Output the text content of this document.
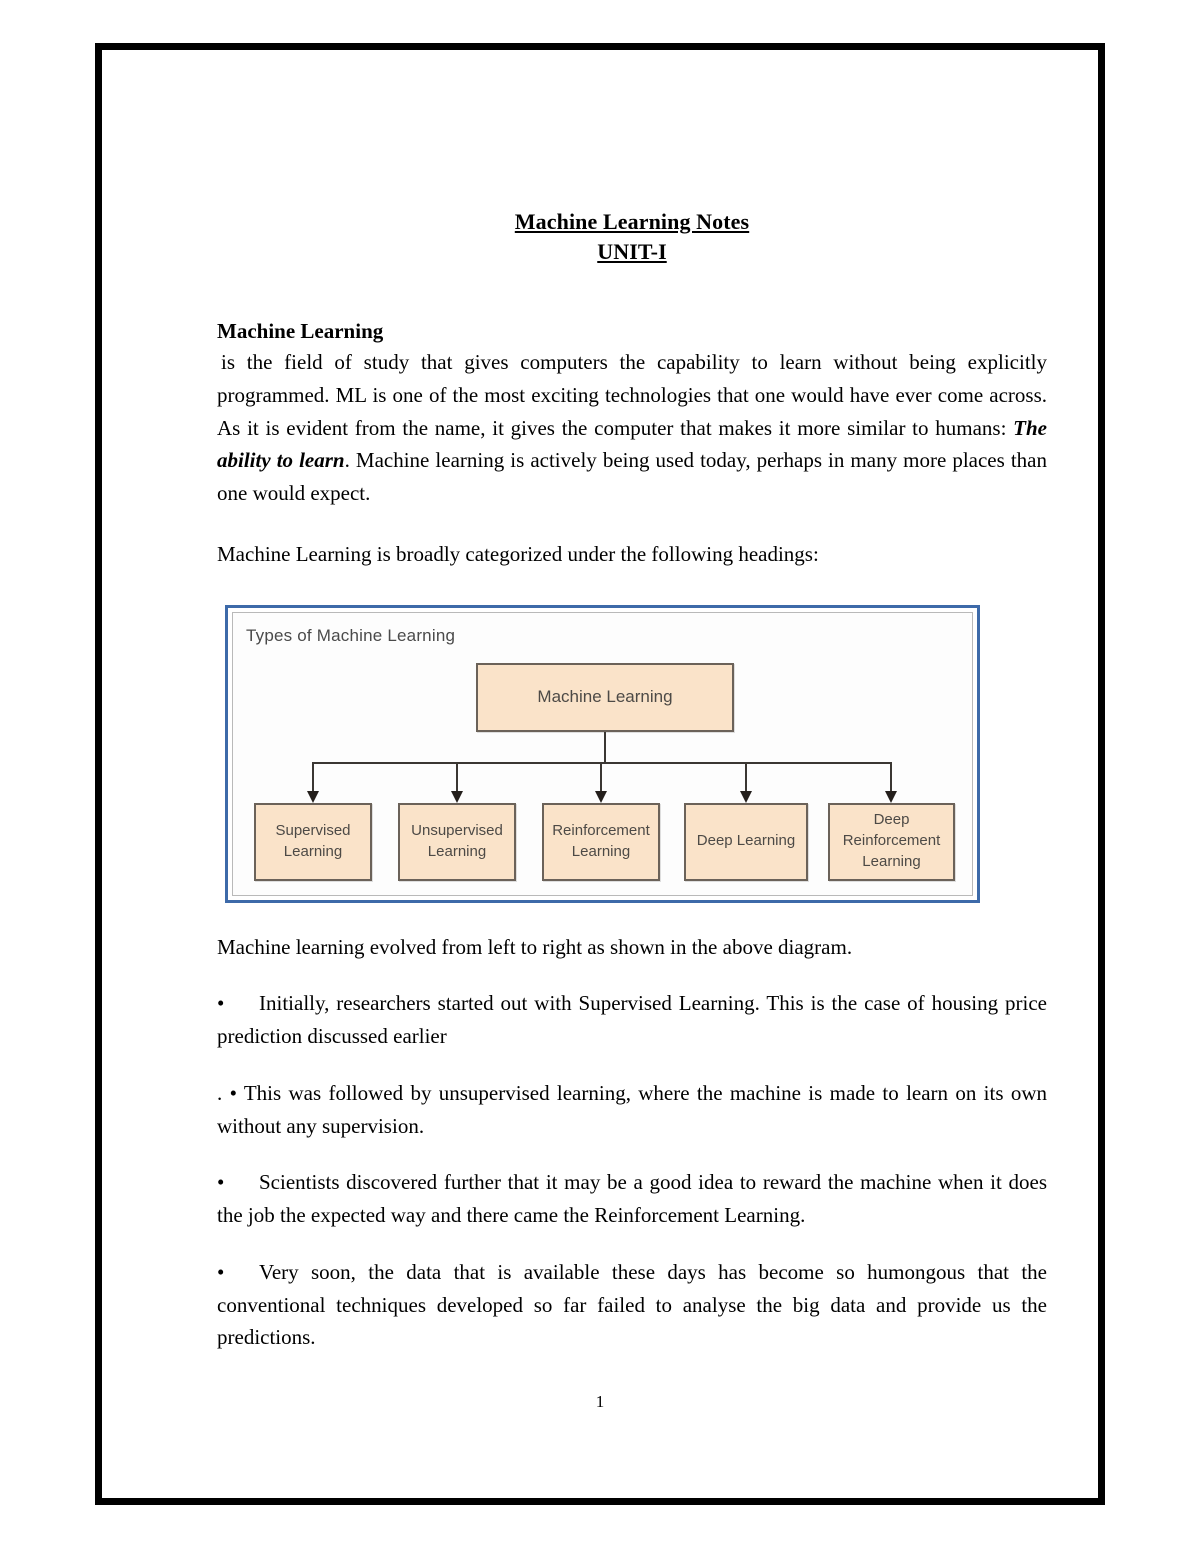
Machine Learning Notes
UNIT-I
Machine Learning

is the field of study that gives computers the capability to learn without being explicitly programmed. ML is one of the most exciting technologies that one would have ever come across. As it is evident from the name, it gives the computer that makes it more similar to humans: The ability to learn. Machine learning is actively being used today, perhaps in many more places than one would expect.

Machine Learning is broadly categorized under the following headings:

Types of Machine Learning
Machine Learning
Supervised Learning
Unsupervised Learning
Reinforcement Learning
Deep Learning
Deep Reinforcement Learning

Machine learning evolved from left to right as shown in the above diagram.

• Initially, researchers started out with Supervised Learning. This is the case of housing price prediction discussed earlier

. • This was followed by unsupervised learning, where the machine is made to learn on its own without any supervision.

• Scientists discovered further that it may be a good idea to reward the machine when it does the job the expected way and there came the Reinforcement Learning.

• Very soon, the data that is available these days has become so humongous that the conventional techniques developed so far failed to analyse the big data and provide us the predictions.

1
